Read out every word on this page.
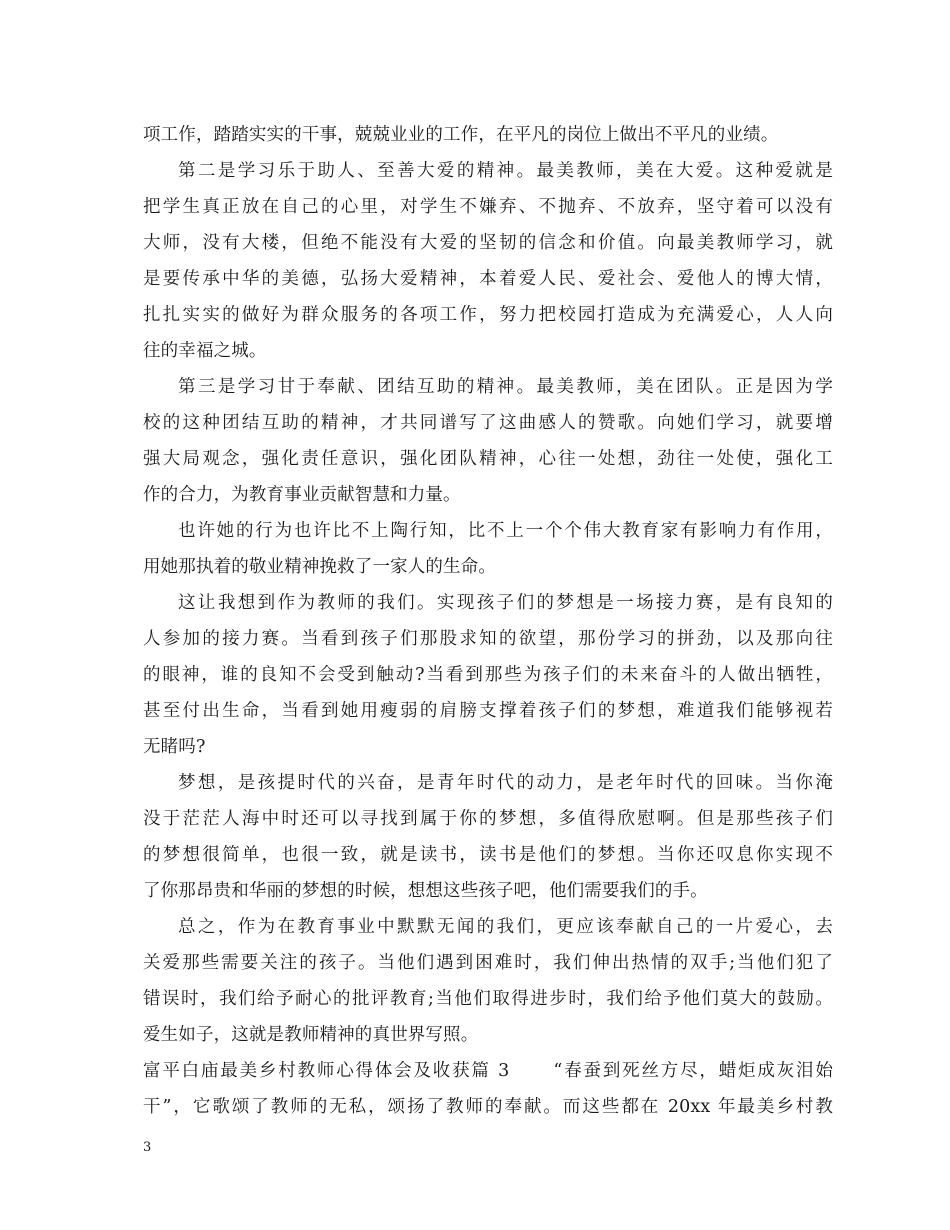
项工作，踏踏实实的干事，兢兢业业的工作，在平凡的岗位上做出不平凡的业绩。
第二是学习乐于助人、至善大爱的精神。最美教师，美在大爱。这种爱就是
把学生真正放在自己的心里，对学生不嫌弃、不抛弃、不放弃，坚守着可以没有
大师，没有大楼，但绝不能没有大爱的坚韧的信念和价值。向最美教师学习，就
是要传承中华的美德，弘扬大爱精神，本着爱人民、爱社会、爱他人的博大情，
扎扎实实的做好为群众服务的各项工作，努力把校园打造成为充满爱心，人人向
往的幸福之城。
第三是学习甘于奉献、团结互助的精神。最美教师，美在团队。正是因为学
校的这种团结互助的精神，才共同谱写了这曲感人的赞歌。向她们学习，就要增
强大局观念，强化责任意识，强化团队精神，心往一处想，劲往一处使，强化工
作的合力，为教育事业贡献智慧和力量。
也许她的行为也许比不上陶行知，比不上一个个伟大教育家有影响力有作用，
用她那执着的敬业精神挽救了一家人的生命。
这让我想到作为教师的我们。实现孩子们的梦想是一场接力赛，是有良知的
人参加的接力赛。当看到孩子们那股求知的欲望，那份学习的拼劲，以及那向往
的眼神，谁的良知不会受到触动?当看到那些为孩子们的未来奋斗的人做出牺牲，
甚至付出生命，当看到她用瘦弱的肩膀支撑着孩子们的梦想，难道我们能够视若
无睹吗?
梦想，是孩提时代的兴奋，是青年时代的动力，是老年时代的回味。当你淹
没于茫茫人海中时还可以寻找到属于你的梦想，多值得欣慰啊。但是那些孩子们
的梦想很简单，也很一致，就是读书，读书是他们的梦想。当你还叹息你实现不
了你那昂贵和华丽的梦想的时候，想想这些孩子吧，他们需要我们的手。
总之，作为在教育事业中默默无闻的我们，更应该奉献自己的一片爱心，去
关爱那些需要关注的孩子。当他们遇到困难时，我们伸出热情的双手;当他们犯了
错误时，我们给予耐心的批评教育;当他们取得进步时，我们给予他们莫大的鼓励。
爱生如子，这就是教师精神的真世界写照。
富平白庙最美乡村教师心得体会及收获篇 3	“春蚕到死丝方尽，蜡炬成灰泪始
干”，它歌颂了教师的无私，颂扬了教师的奉献。而这些都在 20xx 年最美乡村教
3
